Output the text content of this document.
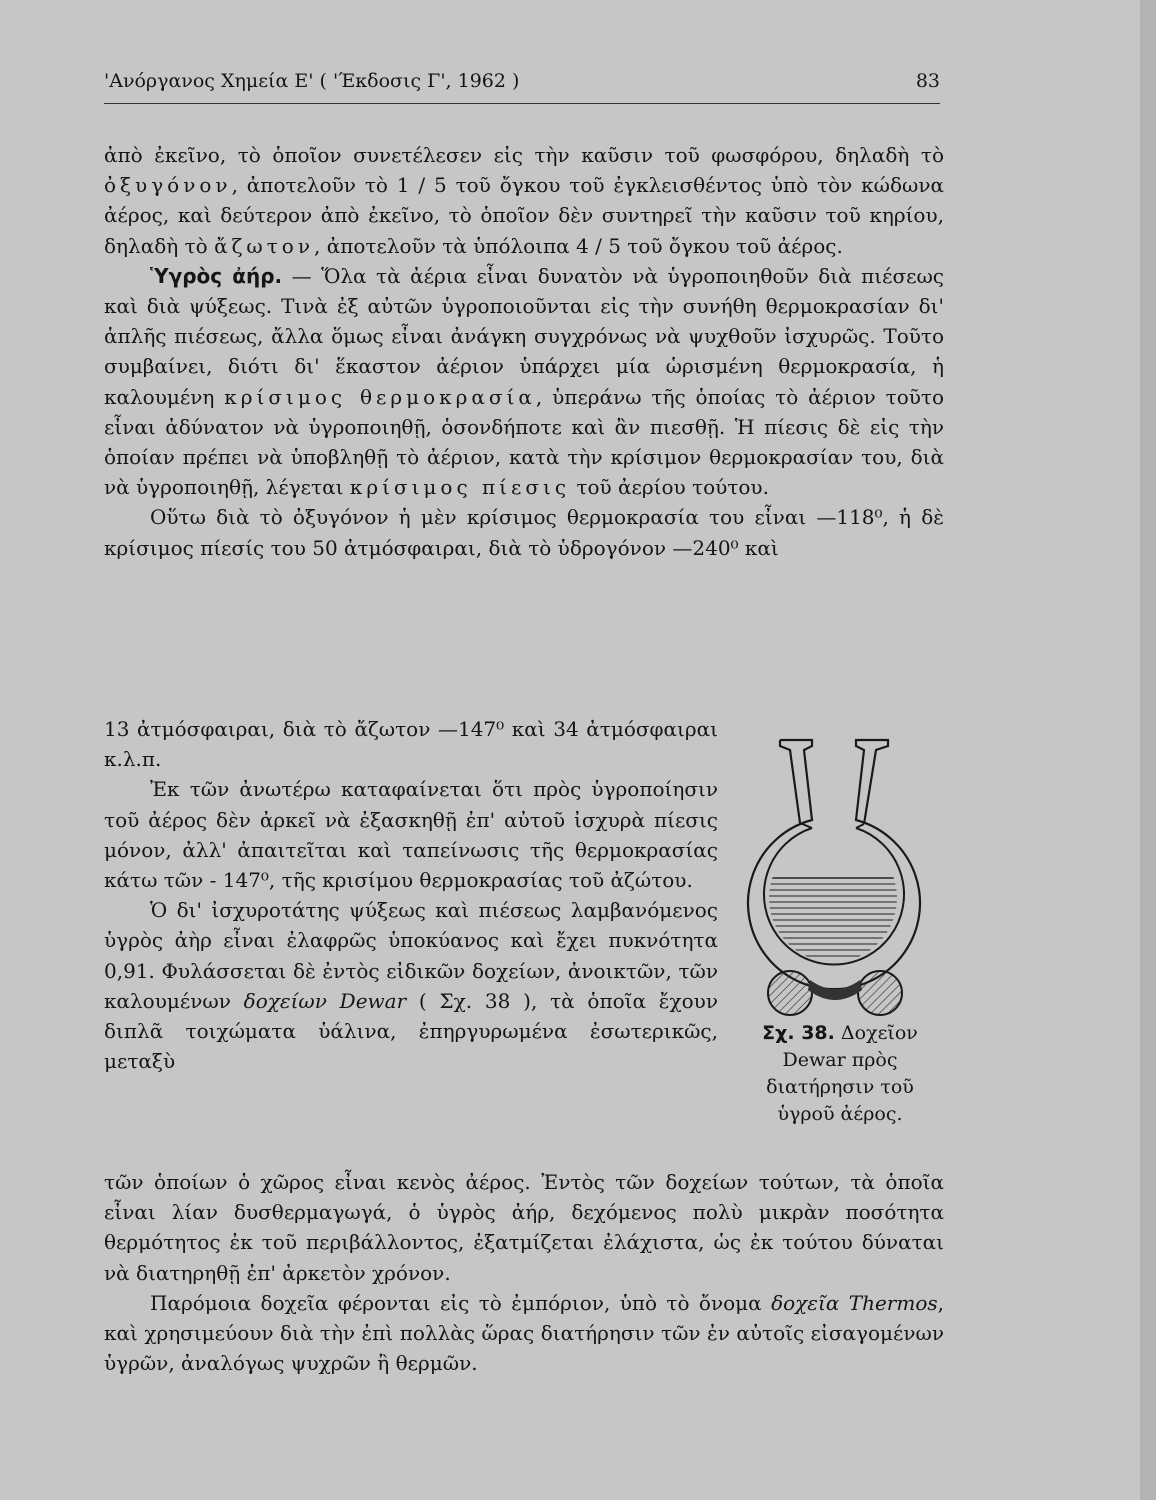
'Ανόργανος Χημεία Ε' ( 'Έκδοσις Γ', 1962 )	83

ἀπὸ ἐκεῖνο, τὸ ὁποῖον συνετέλεσεν εἰς τὴν καῦσιν τοῦ φωσφόρου, δηλαδὴ τὸ ὀξυγόνον, ἀποτελοῦν τὸ 1 / 5 τοῦ ὄγκου τοῦ ἐγκλεισθέντος ὑπὸ τὸν κώδωνα ἀέρος, καὶ δεύτερον ἀπὸ ἐκεῖνο, τὸ ὁποῖον δὲν συντηρεῖ τὴν καῦσιν τοῦ κηρίου, δηλαδὴ τὸ ἄζωτον, ἀποτελοῦν τὰ ὑπόλοιπα 4 / 5 τοῦ ὄγκου τοῦ ἀέρος.

Ὑγρὸς ἀήρ. — Ὅλα τὰ ἀέρια εἶναι δυνατὸν νὰ ὑγροποιηθοῦν διὰ πιέσεως καὶ διὰ ψύξεως. Τινὰ ἐξ αὐτῶν ὑγροποιοῦνται εἰς τὴν συνήθη θερμοκρασίαν δι' ἁπλῆς πιέσεως, ἄλλα ὅμως εἶναι ἀνάγκη συγχρόνως νὰ ψυχθοῦν ἰσχυρῶς. Τοῦτο συμβαίνει, διότι δι' ἕκαστον ἀέριον ὑπάρχει μία ὡρισμένη θερμοκρασία, ἡ καλουμένη κρίσιμος θερμοκρασία, ὑπεράνω τῆς ὁποίας τὸ ἀέριον τοῦτο εἶναι ἀδύνατον νὰ ὑγροποιηθῇ, ὁσονδήποτε καὶ ἂν πιεσθῇ. Ἡ πίεσις δὲ εἰς τὴν ὁποίαν πρέπει νὰ ὑποβληθῇ τὸ ἀέριον, κατὰ τὴν κρίσιμον θερμοκρασίαν του, διὰ νὰ ὑγροποιηθῇ, λέγεται κρίσιμος πίεσις τοῦ ἀερίου τούτου.

Οὕτω διὰ τὸ ὀξυγόνον ἡ μὲν κρίσιμος θερμοκρασία του εἶναι —118⁰, ἡ δὲ κρίσιμος πίεσίς του 50 ἀτμόσφαιραι, διὰ τὸ ὑδρογόνον —240⁰ καὶ

13 ἀτμόσφαιραι, διὰ τὸ ἄζωτον —147⁰ καὶ 34 ἀτμόσφαιραι κ.λ.π.

Ἐκ τῶν ἀνωτέρω καταφαίνεται ὅτι πρὸς ὑγροποίησιν τοῦ ἀέρος δὲν ἀρκεῖ νὰ ἐξασκηθῇ ἐπ' αὐτοῦ ἰσχυρὰ πίεσις μόνον, ἀλλ' ἀπαιτεῖται καὶ ταπείνωσις τῆς θερμοκρασίας κάτω τῶν - 147⁰, τῆς κρισίμου θερμοκρασίας τοῦ ἀζώτου.

Ὁ δι' ἰσχυροτάτης ψύξεως καὶ πιέσεως λαμβανόμενος ὑγρὸς ἀὴρ εἶναι ἐλαφρῶς ὑποκύανος καὶ ἔχει πυκνότητα 0,91. Φυλάσσεται δὲ ἐντὸς εἰδικῶν δοχείων, ἀνοικτῶν, τῶν καλουμένων δοχείων Dewar ( Σχ. 38 ), τὰ ὁποῖα ἔχουν διπλᾶ τοιχώματα ὑάλινα, ἐπηργυρωμένα ἐσωτερικῶς, μεταξὺ

τῶν ὁποίων ὁ χῶρος εἶναι κενὸς ἀέρος. Ἐντὸς τῶν δοχείων τούτων, τὰ ὁποῖα εἶναι λίαν δυσθερμαγωγά, ὁ ὑγρὸς ἀήρ, δεχόμενος πολὺ μικρὰν ποσότητα θερμότητος ἐκ τοῦ περιβάλλοντος, ἐξατμίζεται ἐλάχιστα, ὡς ἐκ τούτου δύναται νὰ διατηρηθῇ ἐπ' ἀρκετὸν χρόνον.

Παρόμοια δοχεῖα φέρονται εἰς τὸ ἐμπόριον, ὑπὸ τὸ ὄνομα δοχεῖα Thermos, καὶ χρησιμεύουν διὰ τὴν ἐπὶ πολλὰς ὥρας διατήρησιν τῶν ἐν αὐτοῖς εἰσαγομένων ὑγρῶν, ἀναλόγως ψυχρῶν ἢ θερμῶν.

Σχ. 38. Δοχεῖον Dewar πρὸς διατήρησιν τοῦ ὑγροῦ ἀέρος.
